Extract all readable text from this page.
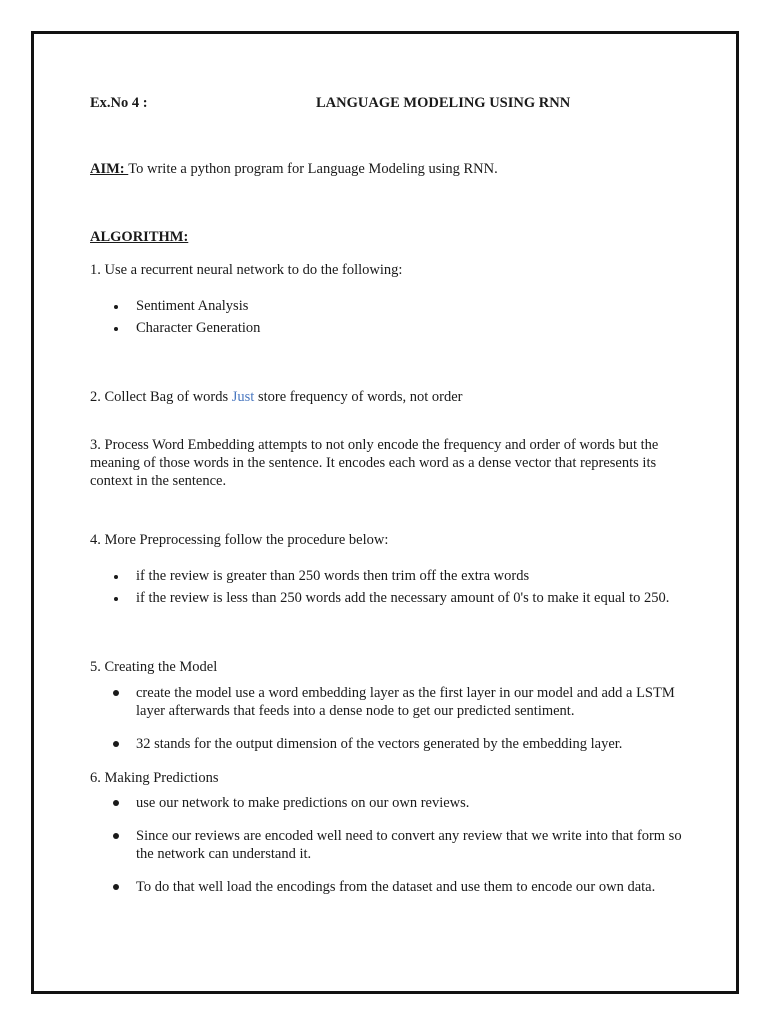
Ex.No 4 :	LANGUAGE MODELING USING RNN

AIM: To write a python program for Language Modeling using RNN.

ALGORITHM:

1. Use a recurrent neural network to do the following:

Sentiment Analysis
Character Generation

2. Collect Bag of words Just store frequency of words, not order

3. Process Word Embedding attempts to not only encode the frequency and order of words but the
meaning of those words in the sentence. It encodes each word as a dense vector that represents its
context in the sentence.

4. More Preprocessing follow the procedure below:

if the review is greater than 250 words then trim off the extra words
if the review is less than 250 words add the necessary amount of 0's to make it equal to 250.

5. Creating the Model

create the model use a word embedding layer as the first layer in our model and add a LSTM layer afterwards that feeds into a dense node to get our predicted sentiment.
32 stands for the output dimension of the vectors generated by the embedding layer.

6. Making Predictions

use our network to make predictions on our own reviews.
Since our reviews are encoded well need to convert any review that we write into that form so the network can understand it.
To do that well load the encodings from the dataset and use them to encode our own data.
